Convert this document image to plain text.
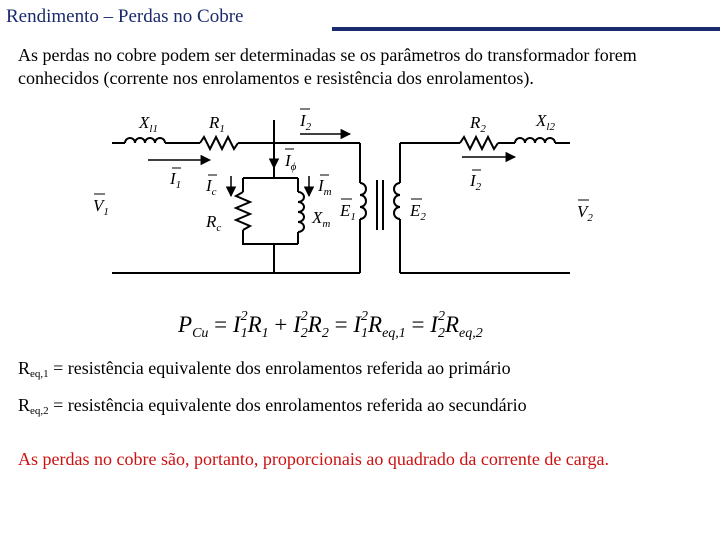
Rendimento – Perdas no Cobre
As perdas no cobre podem ser determinadas se os parâmetros do transformador forem conhecidos (corrente nos enrolamentos e resistência dos enrolamentos).
$X_{l1}$	$R_1$	$I_2$
$I_\phi$
$I_1$ $I_c$	$I_m$
$V_1$	$R_c$
$X_m$
$E_1$	$E_2$
$R_2$	$X_{l2}$
$I_2$
$V_2$
$P_{Cu} = I^2$ $1R_1 + I^2$ $2R_2 = I^2$ $1R_{eq,1} = I^2$ $2R_{eq,2}$
$R_{eq,1}$ = resistência equivalente dos enrolamentos referida ao primário
$R_{eq,2}$ = resistência equivalente dos enrolamentos referida ao secundário
As perdas no cobre são, portanto, proporcionais ao quadrado da corrente de carga.
